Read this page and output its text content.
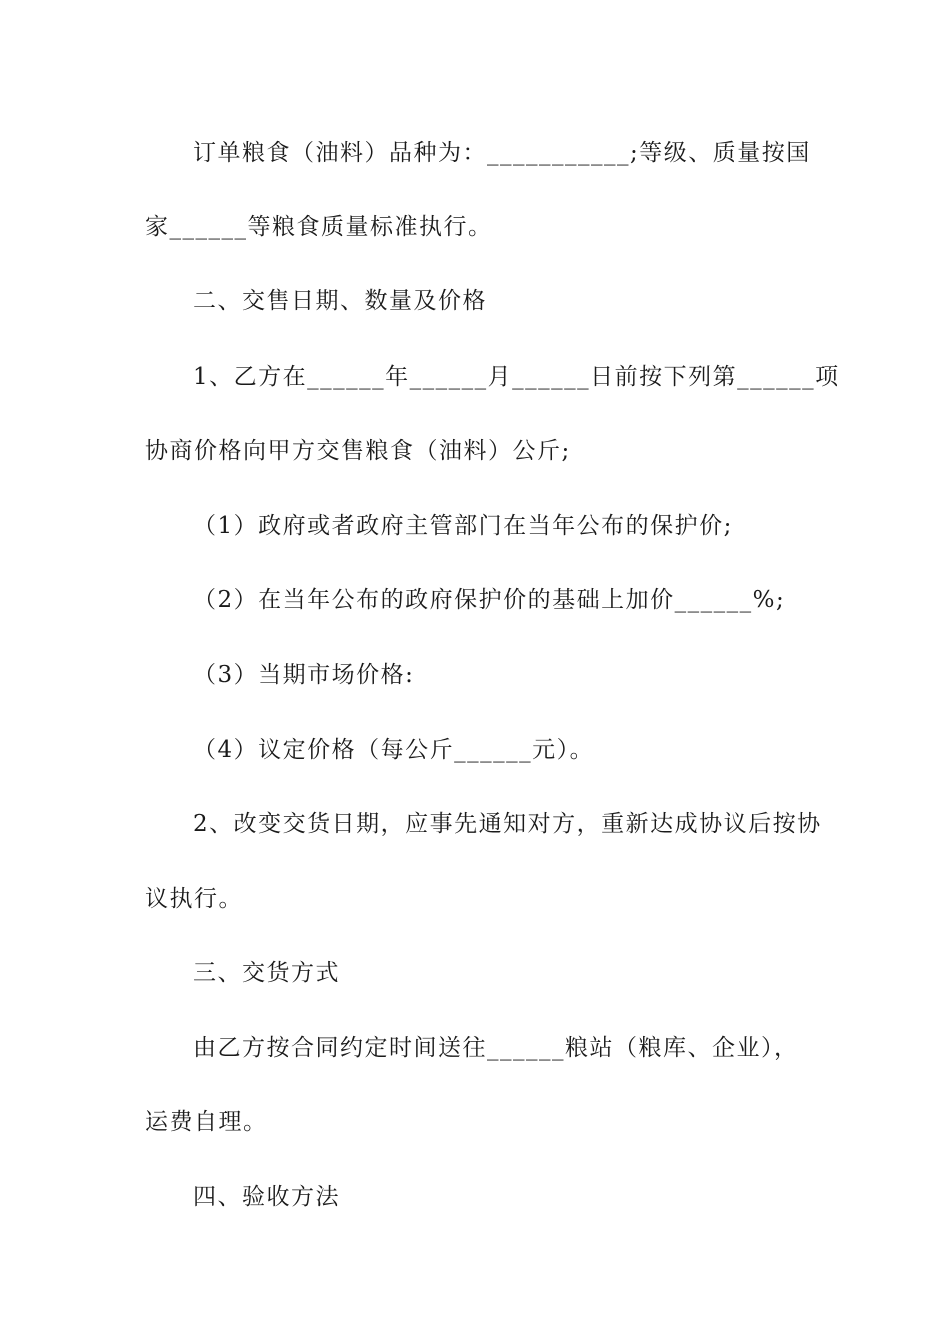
订单粮食（油料）品种为：___________;等级、质量按国
家______等粮食质量标准执行。
二、交售日期、数量及价格
1、乙方在______年______月______日前按下列第______项
协商价格向甲方交售粮食（油料）公斤;
（1）政府或者政府主管部门在当年公布的保护价;
（2）在当年公布的政府保护价的基础上加价______%;
（3）当期市场价格:
（4）议定价格（每公斤______元）。
2、改变交货日期，应事先通知对方，重新达成协议后按协
议执行。
三、交货方式
由乙方按合同约定时间送往______粮站（粮库、企业），
运费自理。
四、验收方法
